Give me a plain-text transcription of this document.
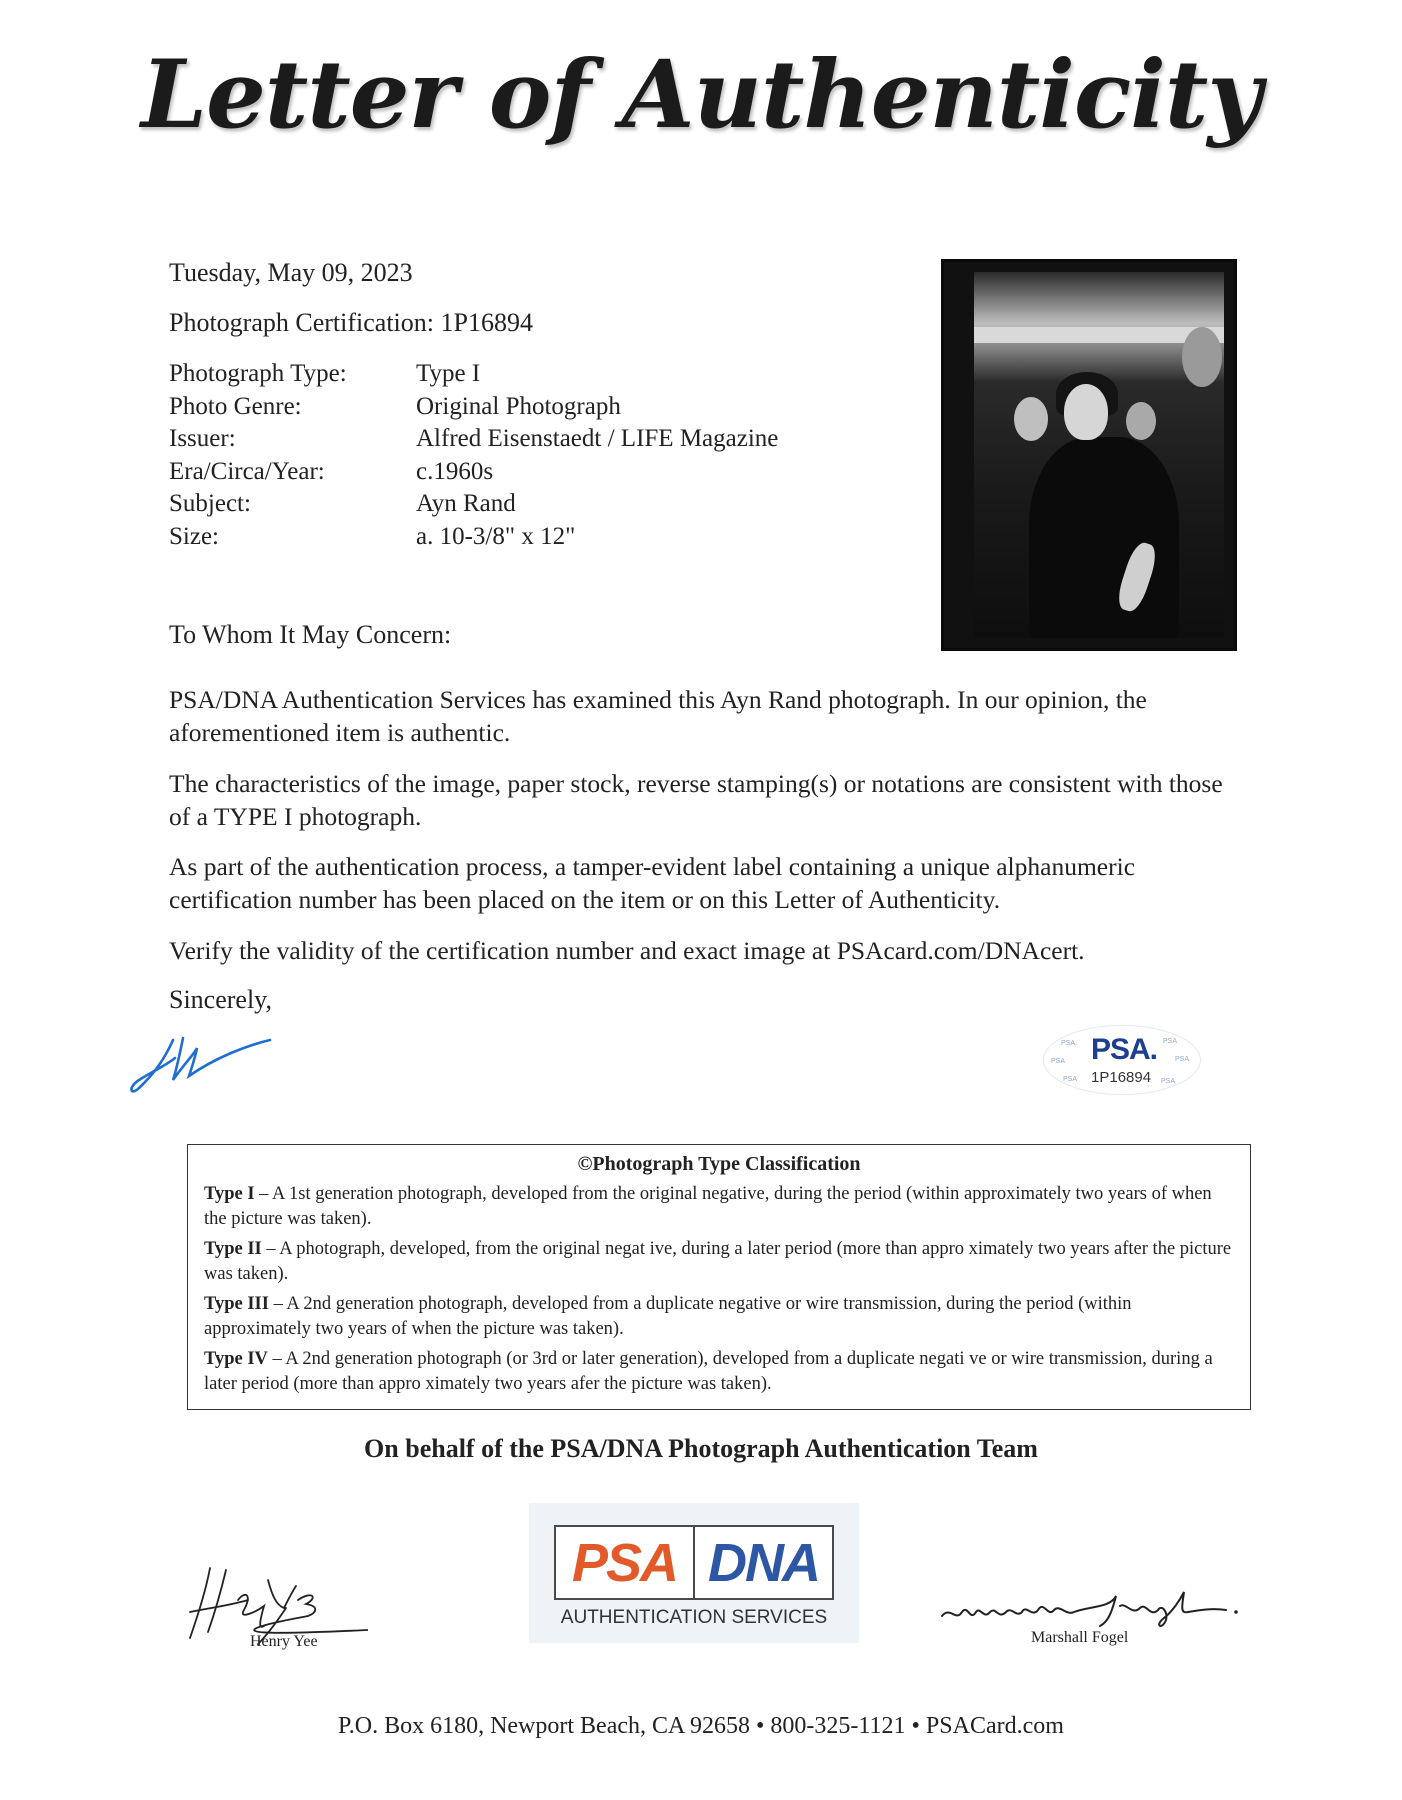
Letter of Authenticity
Tuesday, May 09, 2023
Photograph Certification: 1P16894
Photograph Type:	Type I
Photo Genre:	Original Photograph
Issuer:	Alfred Eisenstaedt / LIFE Magazine
Era/Circa/Year:	c.1960s
Subject:	Ayn Rand
Size:	a. 10-3/8" x 12"
To Whom It May Concern:
PSA/DNA Authentication Services has examined this Ayn Rand photograph. In our opinion, the aforementioned item is authentic.
The characteristics of the image, paper stock, reverse stamping(s) or notations are consistent with those of a TYPE I photograph.
As part of the authentication process, a tamper-evident label containing a unique alphanumeric certification number has been placed on the item or on this Letter of Authenticity.
Verify the validity of the certification number and exact image at PSAcard.com/DNAcert.
Sincerely,
PSA	PSA
PSA	PSA
PSA	PSA
PSA.
1P16894
©Photograph Type Classification
Type I – A 1st generation photograph, developed from the original negative, during the period (within approximately two years of when the picture was taken).
Type II – A photograph, developed, from the original negat ive, during a later period (more than appro ximately two years after the picture was taken).
Type III – A 2nd generation photograph, developed from a duplicate negative or wire transmission, during the period (within approximately two years of when the picture was taken).
Type IV – A 2nd generation photograph (or 3rd or later generation), developed from a duplicate negati ve or wire transmission, during a later period (more than appro ximately two years afer the picture was taken).
On behalf of the PSA/DNA Photograph Authentication Team
PSA DNA
AUTHENTICATION SERVICES
Henry Yee	Marshall Fogel
P.O. Box 6180, Newport Beach, CA 92658 • 800-325-1121 • PSACard.com
